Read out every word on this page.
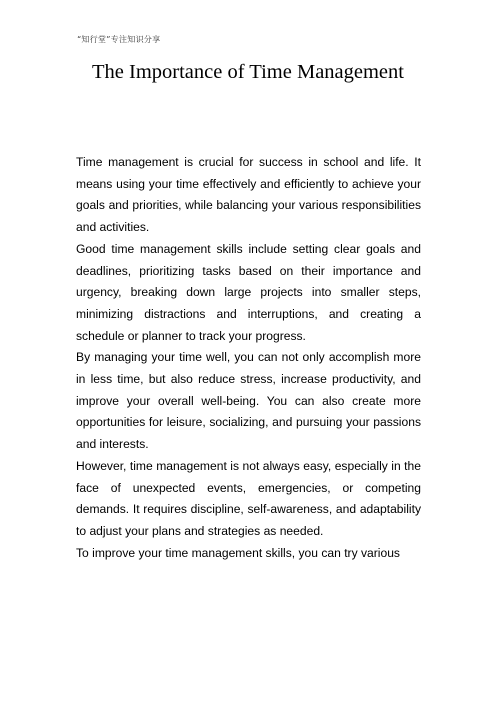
“知行堂”专注知识分享
The Importance of Time Management

Time management is crucial for success in school and life. It means using your time effectively and efficiently to achieve your goals and priorities, while balancing your various responsibilities and activities.

Good time management skills include setting clear goals and deadlines, prioritizing tasks based on their importance and urgency, breaking down large projects into smaller steps, minimizing distractions and interruptions, and creating a schedule or planner to track your progress.

By managing your time well, you can not only accomplish more in less time, but also reduce stress, increase productivity, and improve your overall well-being. You can also create more opportunities for leisure, socializing, and pursuing your passions and interests.

However, time management is not always easy, especially in the face of unexpected events, emergencies, or competing demands. It requires discipline, self-awareness, and adaptability to adjust your plans and strategies as needed.

To improve your time management skills, you can try various
